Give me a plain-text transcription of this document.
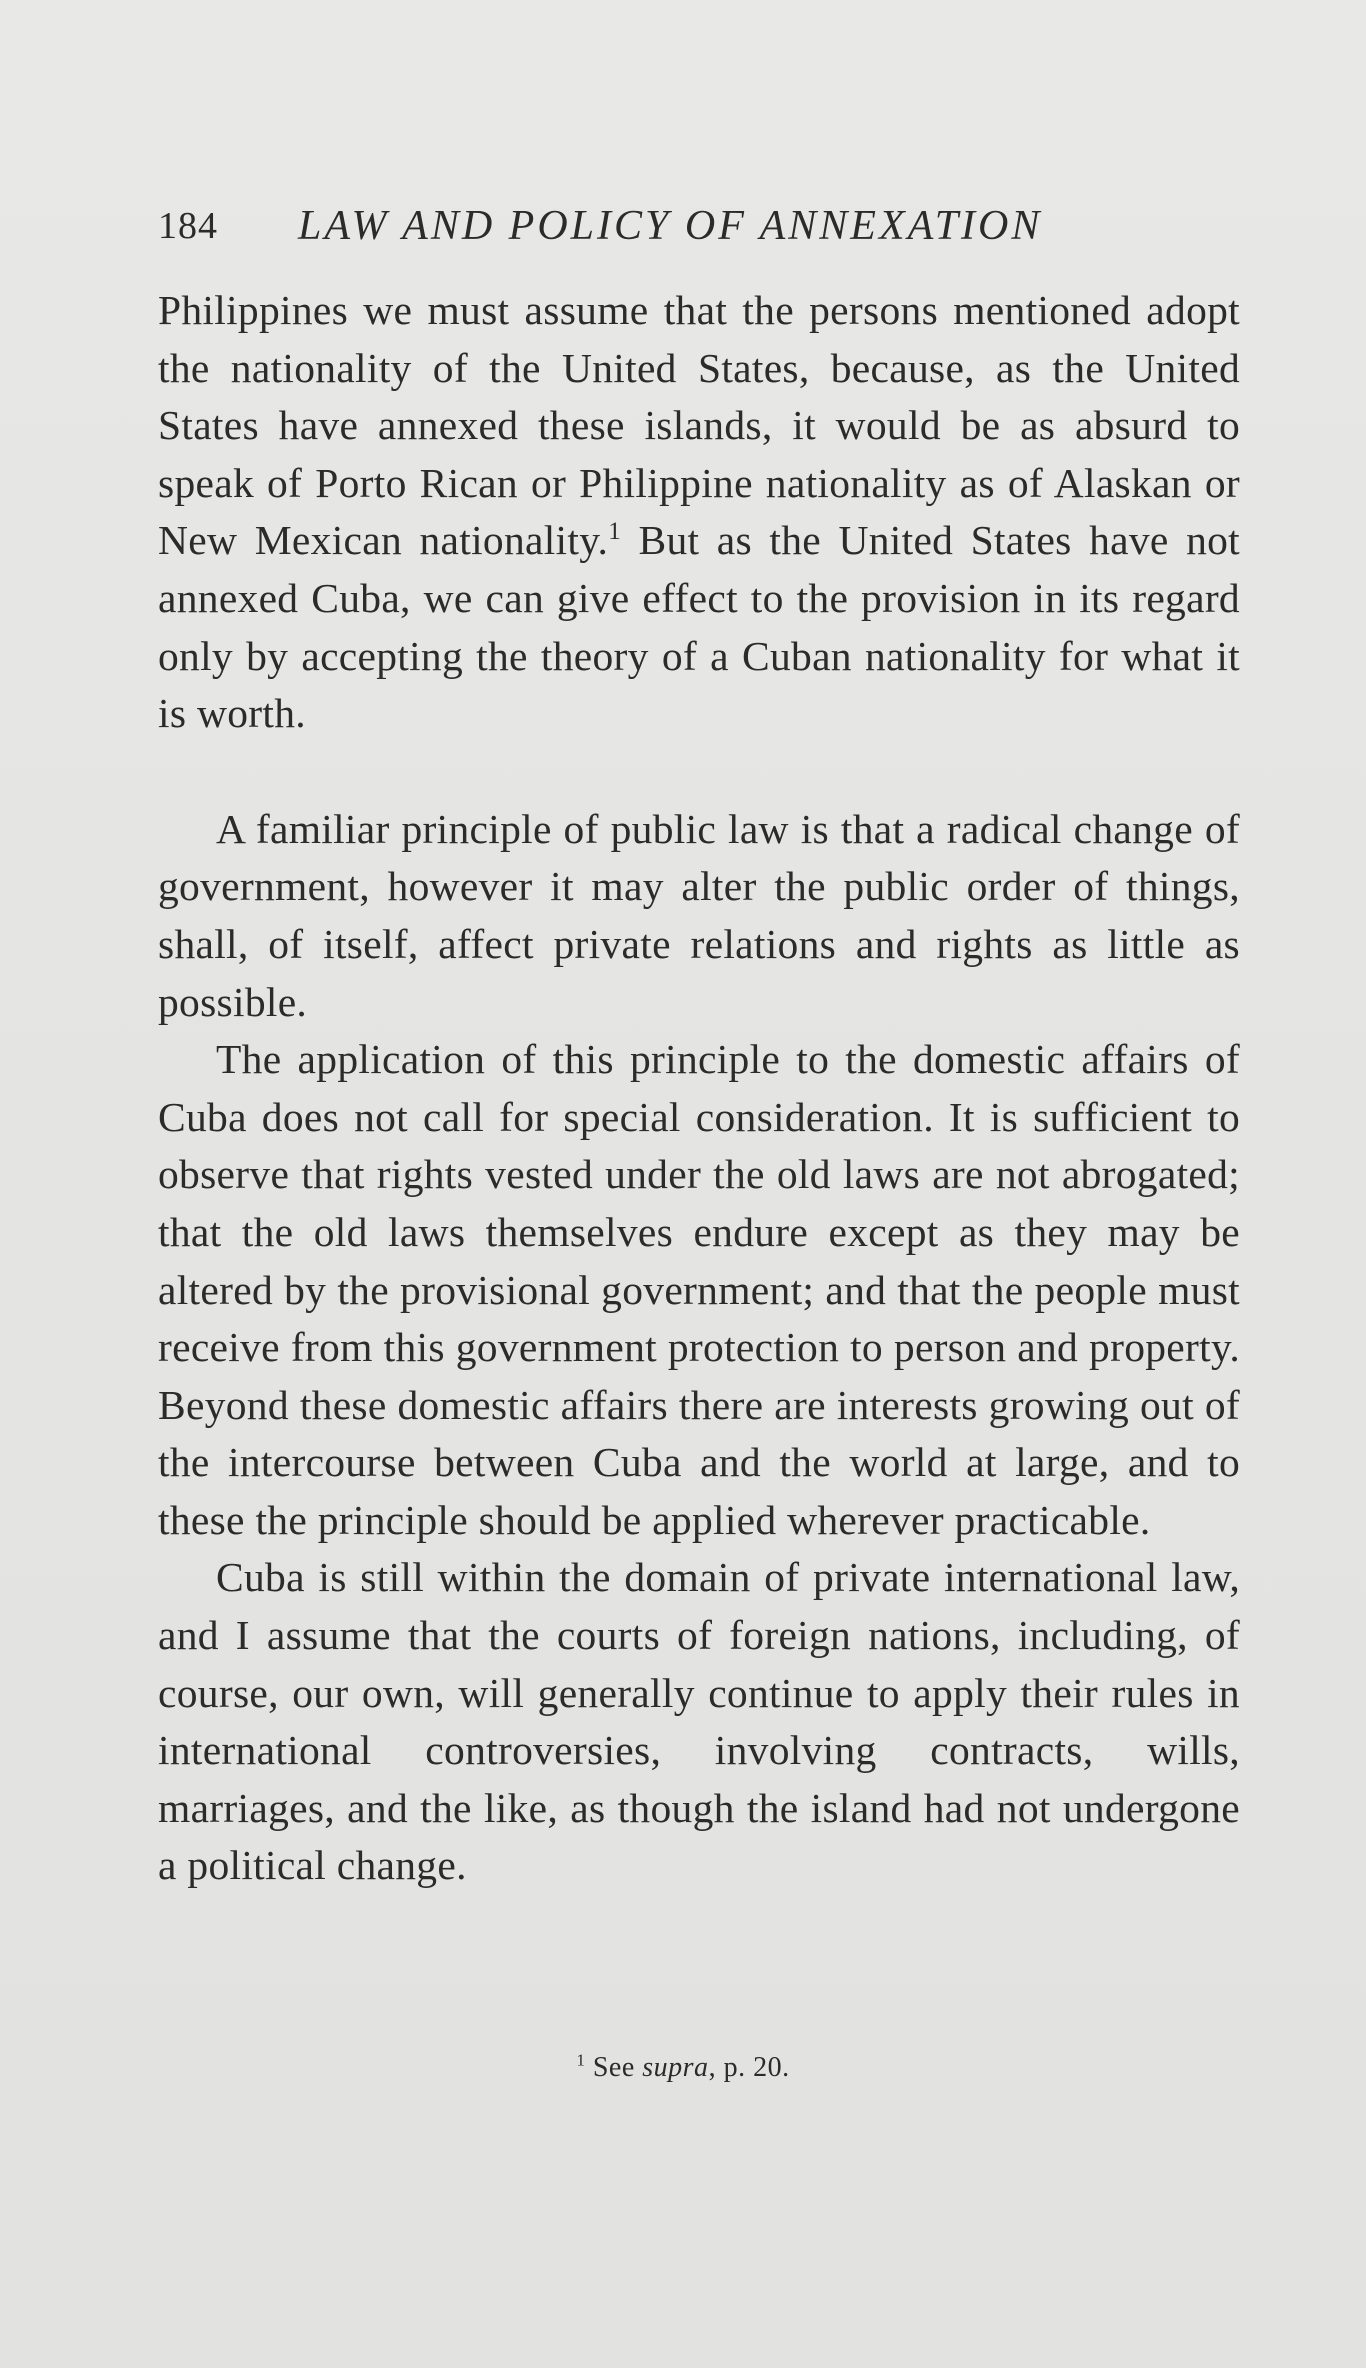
184 LAW AND POLICY OF ANNEXATION

Philippines we must assume that the persons mentioned adopt the nationality of the United States, because, as the United States have annexed these islands, it would be as absurd to speak of Porto Rican or Philippine nationality as of Alaskan or New Mexican nationality.$^1$ But as the United States have not annexed Cuba, we can give effect to the provision in its regard only by accepting the theory of a Cuban nationality for what it is worth.

A familiar principle of public law is that a radical change of government, however it may alter the public order of things, shall, of itself, affect private relations and rights as little as possible.

The application of this principle to the domestic affairs of Cuba does not call for special consideration. It is sufficient to observe that rights vested under the old laws are not abrogated; that the old laws themselves endure except as they may be altered by the provisional government; and that the people must receive from this government protection to person and property. Beyond these domestic affairs there are interests growing out of the intercourse between Cuba and the world at large, and to these the principle should be applied wherever practicable.

Cuba is still within the domain of private international law, and I assume that the courts of foreign nations, including, of course, our own, will generally continue to apply their rules in international controversies, involving contracts, wills, marriages, and the like, as though the island had not undergone a political change.

$^1$ See supra, p. 20.
